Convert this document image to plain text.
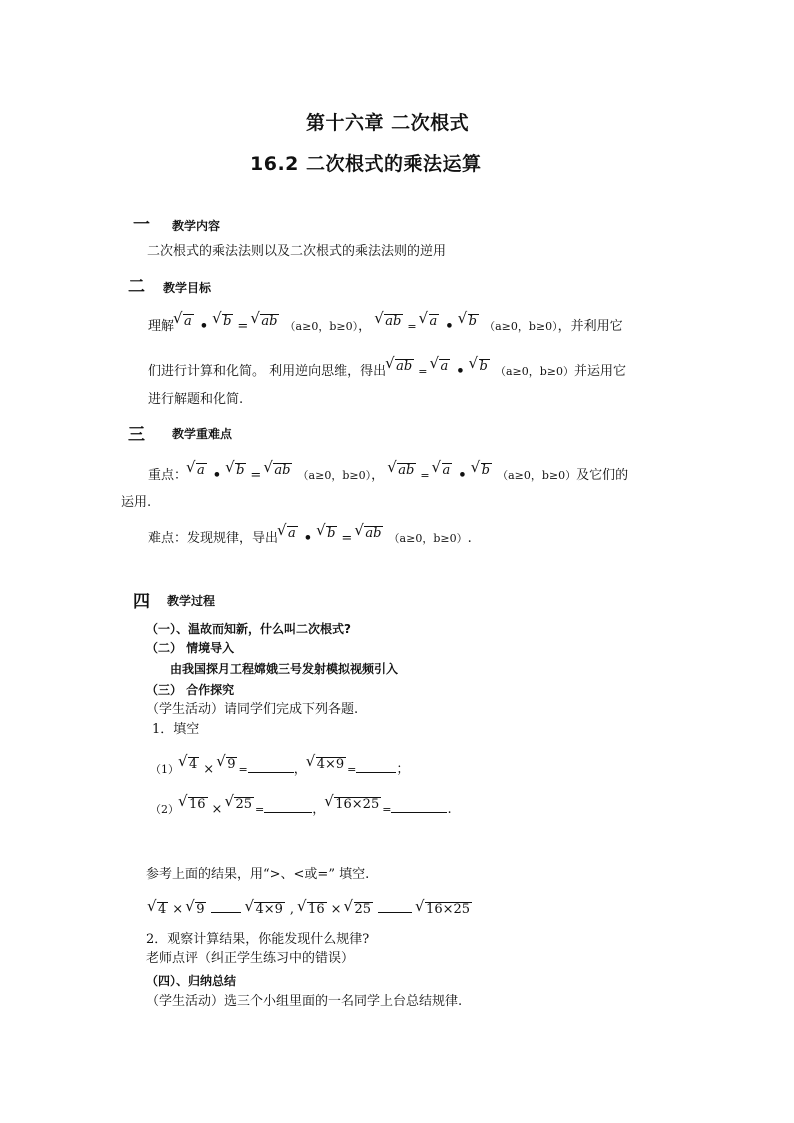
第十六章 二次根式
16.2 二次根式的乘法运算
一 教学内容
二次根式的乘法法则以及二次根式的乘法法则的逆用
二 教学目标
理解 √ a • √ b = √ ab （a≥0，b≥0）， √ ab = √ a • √ b （a≥0，b≥0），并利用它
们进行计算和化简。 利用逆向思维，得出 √ ab = √ a • √ b （a≥0，b≥0）并运用它
进行解题和化简.
三 教学重难点
重点： √ a • √ b = √ ab （a≥0，b≥0）， √ ab = √ a • √ b （a≥0，b≥0）及它们的
运用.
难点：发现规律，导出 √ a • √ b = √ ab （a≥0，b≥0）.
四 教学过程
（一）、温故而知新，什么叫二次根式?
（二） 情境导入
由我国探月工程嫦娥三号发射模拟视频引入
（三） 合作探究
（学生活动）请同学们完成下列各题.
1．填空
（1） √ 4 × √ 9 =	， √ 4×9 =	；
（2） √ 16 × √ 25 =	， √ 16×25 =	.
参考上面的结果，用“>、<或=” 填空.
√ 4 × √ 9	√ 4×9 , √ 16 × √ 25	√ 16×25
2．观察计算结果，你能发现什么规律?
老师点评（纠正学生练习中的错误）
（四）、归纳总结
（学生活动）选三个小组里面的一名同学上台总结规律.
